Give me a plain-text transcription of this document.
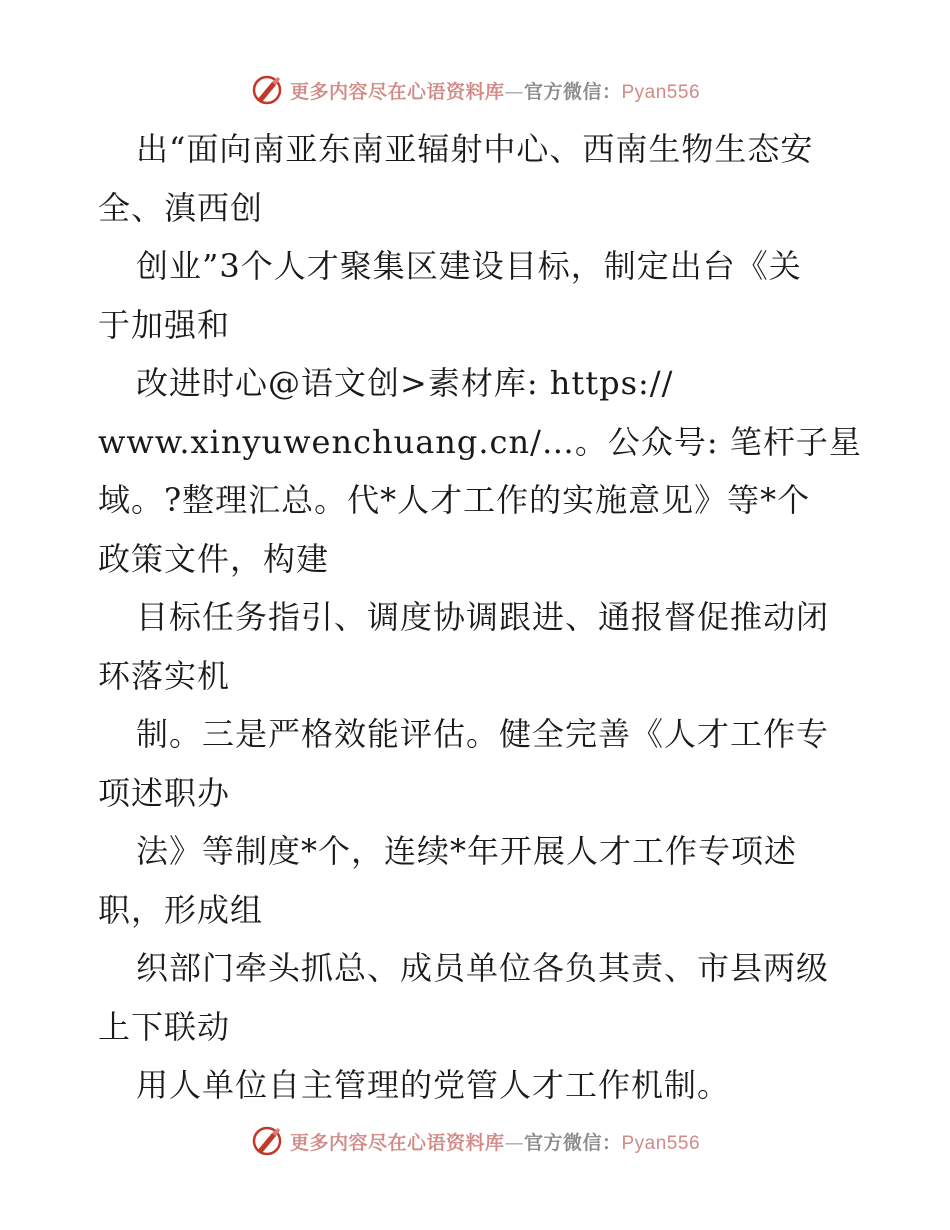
更多内容尽在心语资料库—官方微信：Pyan556
出“面向南亚东南亚辐射中心、西南生物生态安
全、滇西创
创业”3个人才聚集区建设目标，制定出台《关
于加强和
改进时心@语文创>素材库: https://
www.xinyuwenchuang.cn/…。公众号: 笔杆子星
域。?整理汇总。代*人才工作的实施意见》等*个
政策文件，构建
目标任务指引、调度协调跟进、通报督促推动闭
环落实机
制。三是严格效能评估。健全完善《人才工作专
项述职办
法》等制度*个，连续*年开展人才工作专项述
职，形成组
织部门牵头抓总、成员单位各负其责、市县两级
上下联动
用人单位自主管理的党管人才工作机制。
更多内容尽在心语资料库—官方微信：Pyan556
